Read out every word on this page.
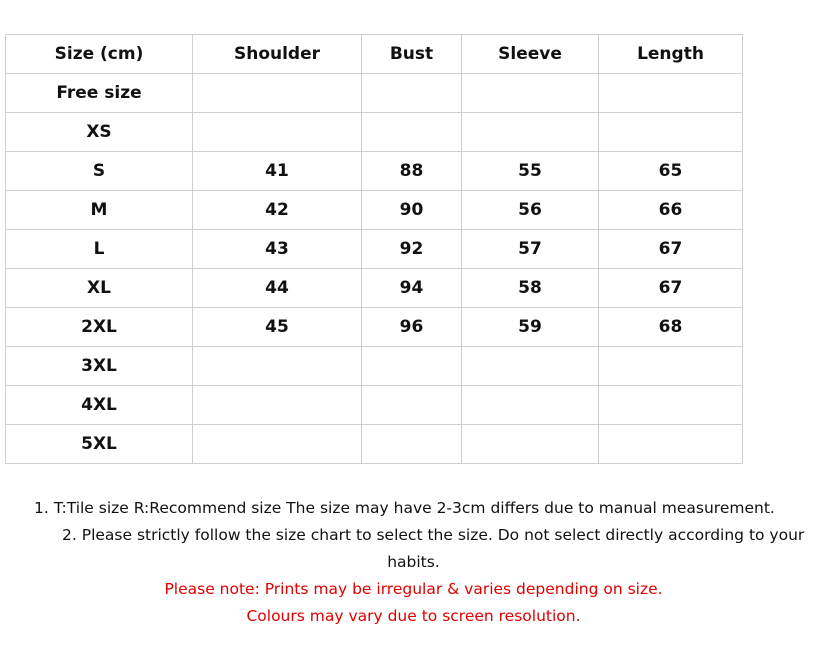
Size (cm)	Shoulder	Bust	Sleeve	Length
Free size				
XS				
S	41	88	55	65
M	42	90	56	66
L	43	92	57	67
XL	44	94	58	67
2XL	45	96	59	68
3XL				
4XL				
5XL				
1. T:Tile size R:Recommend size The size may have 2-3cm differs due to manual measurement.
2. Please strictly follow the size chart to select the size. Do not select directly according to your
habits.
Please note: Prints may be irregular & varies depending on size.
Colours may vary due to screen resolution.
